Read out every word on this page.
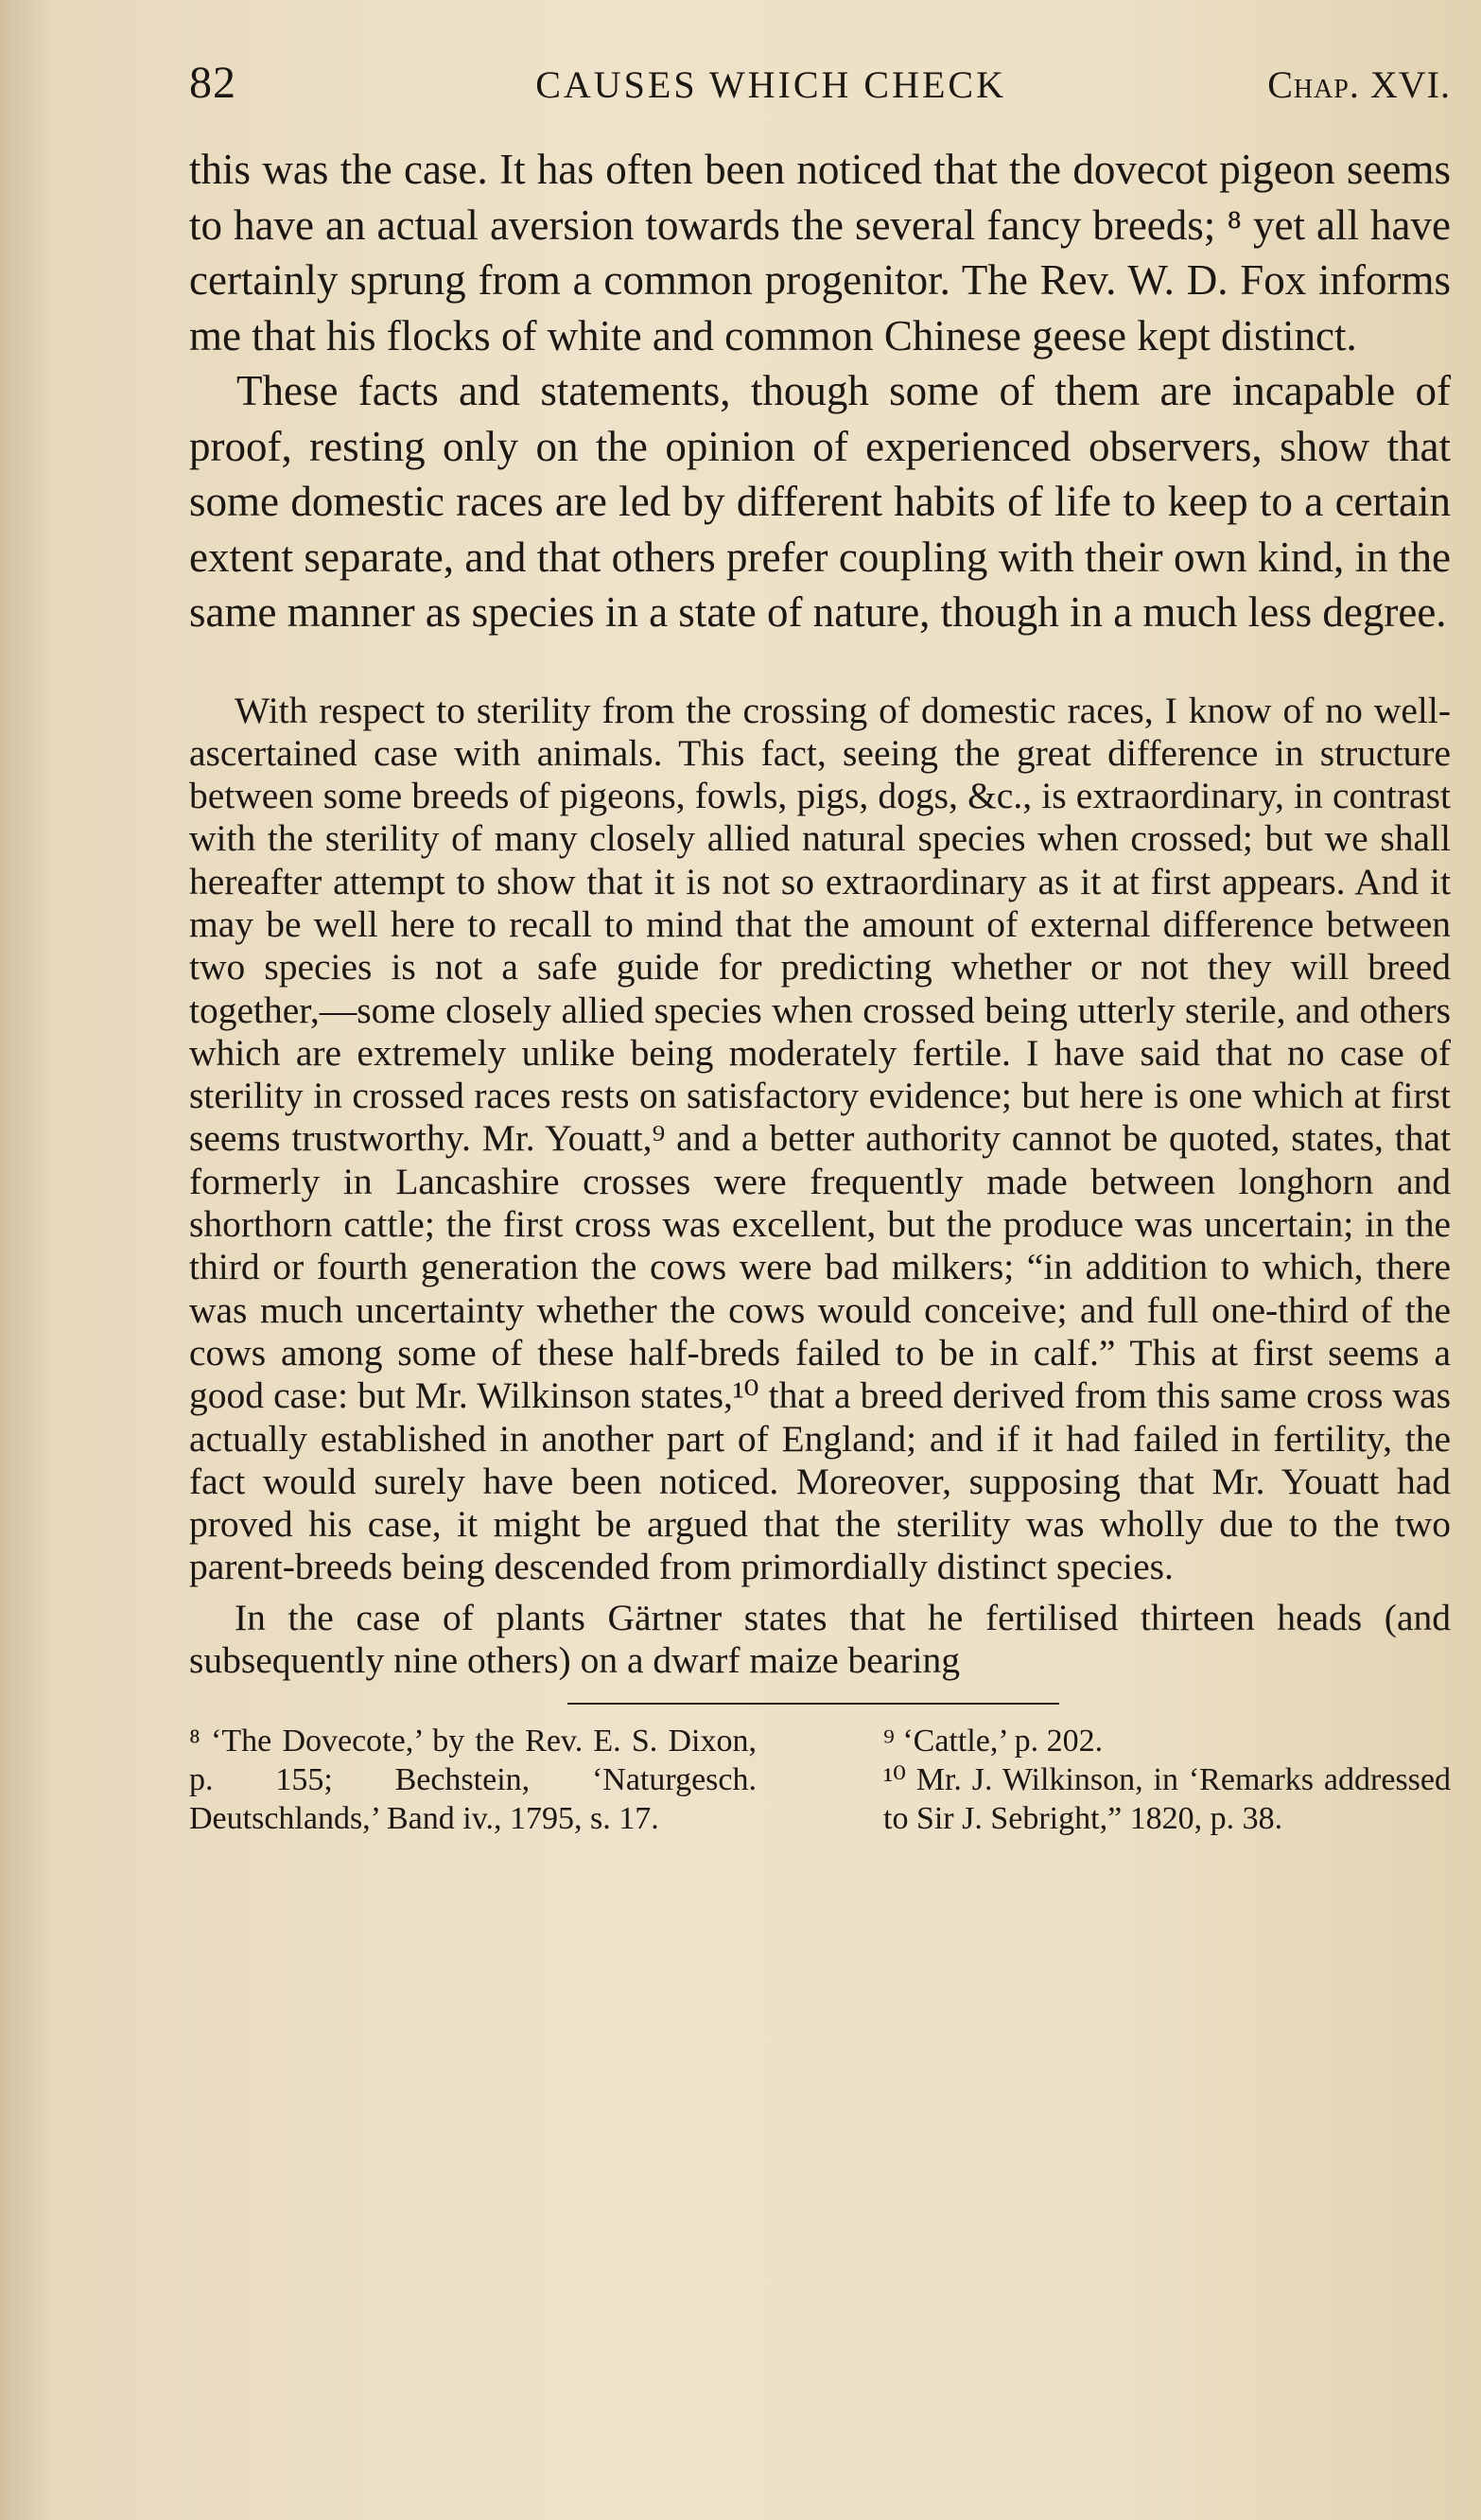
82	CAUSES WHICH CHECK	Chap. XVI.

this was the case. It has often been noticed that the dovecot pigeon seems to have an actual aversion towards the several fancy breeds; ⁸ yet all have certainly sprung from a common progenitor. The Rev. W. D. Fox informs me that his flocks of white and common Chinese geese kept distinct.

These facts and statements, though some of them are incapable of proof, resting only on the opinion of experienced observers, show that some domestic races are led by different habits of life to keep to a certain extent separate, and that others prefer coupling with their own kind, in the same manner as species in a state of nature, though in a much less degree.

With respect to sterility from the crossing of domestic races, I know of no well-ascertained case with animals. This fact, seeing the great difference in structure between some breeds of pigeons, fowls, pigs, dogs, &c., is extraordinary, in contrast with the sterility of many closely allied natural species when crossed; but we shall hereafter attempt to show that it is not so extraordinary as it at first appears. And it may be well here to recall to mind that the amount of external difference between two species is not a safe guide for predicting whether or not they will breed together,—some closely allied species when crossed being utterly sterile, and others which are extremely unlike being moderately fertile. I have said that no case of sterility in crossed races rests on satisfactory evidence; but here is one which at first seems trustworthy. Mr. Youatt,⁹ and a better authority cannot be quoted, states, that formerly in Lancashire crosses were frequently made between longhorn and shorthorn cattle; the first cross was excellent, but the produce was uncertain; in the third or fourth generation the cows were bad milkers; “in addition to which, there was much uncertainty whether the cows would conceive; and full one-third of the cows among some of these half-breds failed to be in calf.” This at first seems a good case: but Mr. Wilkinson states,¹⁰ that a breed derived from this same cross was actually established in another part of England; and if it had failed in fertility, the fact would surely have been noticed. Moreover, supposing that Mr. Youatt had proved his case, it might be argued that the sterility was wholly due to the two parent-breeds being descended from primordially distinct species.

In the case of plants Gärtner states that he fertilised thirteen heads (and subsequently nine others) on a dwarf maize bearing

⁸ ‘The Dovecote,’ by the Rev. E. S. Dixon, p. 155; Bechstein, ‘Naturgesch. Deutschlands,’ Band iv., 1795, s. 17.

⁹ ‘Cattle,’ p. 202.

¹⁰ Mr. J. Wilkinson, in ‘Remarks addressed to Sir J. Sebright,” 1820, p. 38.
